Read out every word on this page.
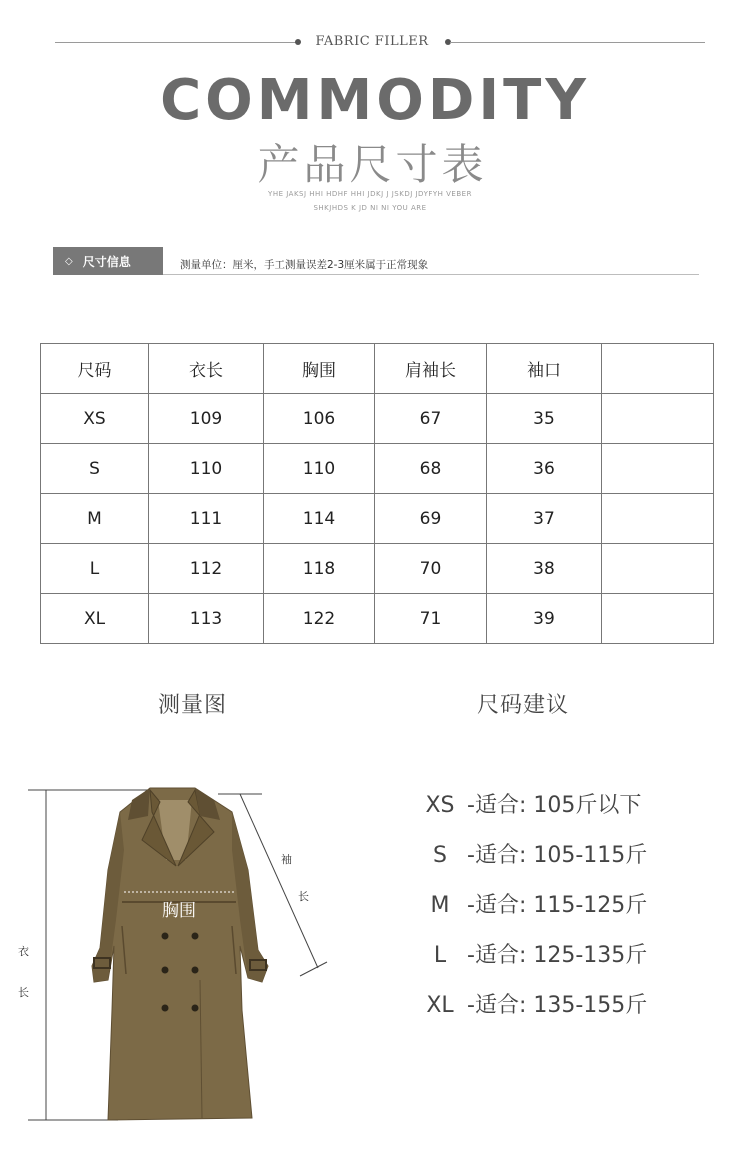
FABRIC FILLER
COMMODITY
产品尺寸表
YHE JAKSJ HHI HDHF HHI JDKJ J JSKDJ JDYFYH VEBER
SHKJHDS K JD NI NI YOU ARE
◇ 尺寸信息	测量单位：厘米，手工测量误差2-3厘米属于正常现象
尺码	衣长	胸围	肩袖长	袖口	
XS	109	106	67	35	
S	110	110	68	36	
M	111	114	69	37	
L	112	118	70	38	
XL	113	122	71	39	
测量图	尺码建议
衣
长
袖
长
胸围
XS -适合: 105斤以下
S -适合: 105-115斤
M -适合: 115-125斤
L -适合: 125-135斤
XL -适合: 135-155斤
